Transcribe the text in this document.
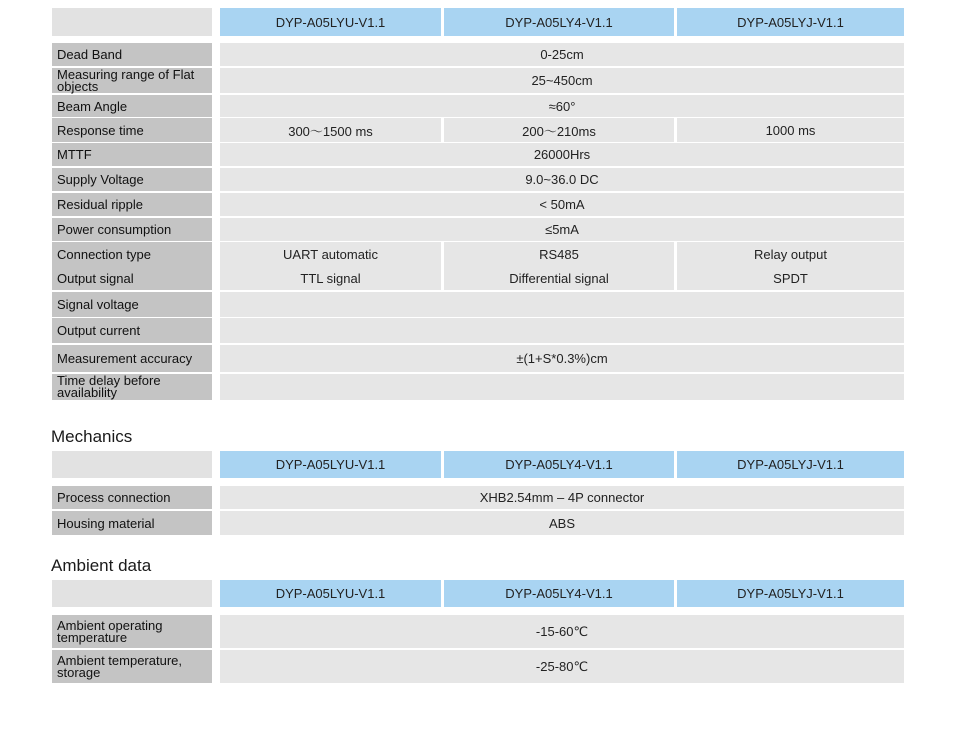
DYP-A05LYU-V1.1	DYP-A05LY4-V1.1	DYP-A05LYJ-V1.1
Dead Band	0-25cm
Measuring range of Flat objects	25~450cm
Beam Angle	≈60°
Response time	300～1500 ms	200～210ms	1000 ms
MTTF	26000Hrs
Supply Voltage	9.0~36.0 DC
Residual ripple	< 50mA
Power consumption	≤5mA
Connection type	UART automatic	RS485	Relay output
Output signal	TTL signal	Differential signal	SPDT
Signal voltage
Output current
Measurement accuracy	±(1+S*0.3%)cm
Time delay before availability
Mechanics
DYP-A05LYU-V1.1	DYP-A05LY4-V1.1	DYP-A05LYJ-V1.1
Process connection	XHB2.54mm – 4P connector
Housing material	ABS
Ambient data
DYP-A05LYU-V1.1	DYP-A05LY4-V1.1	DYP-A05LYJ-V1.1
Ambient operating temperature	-15-60℃
Ambient temperature, storage	-25-80℃
